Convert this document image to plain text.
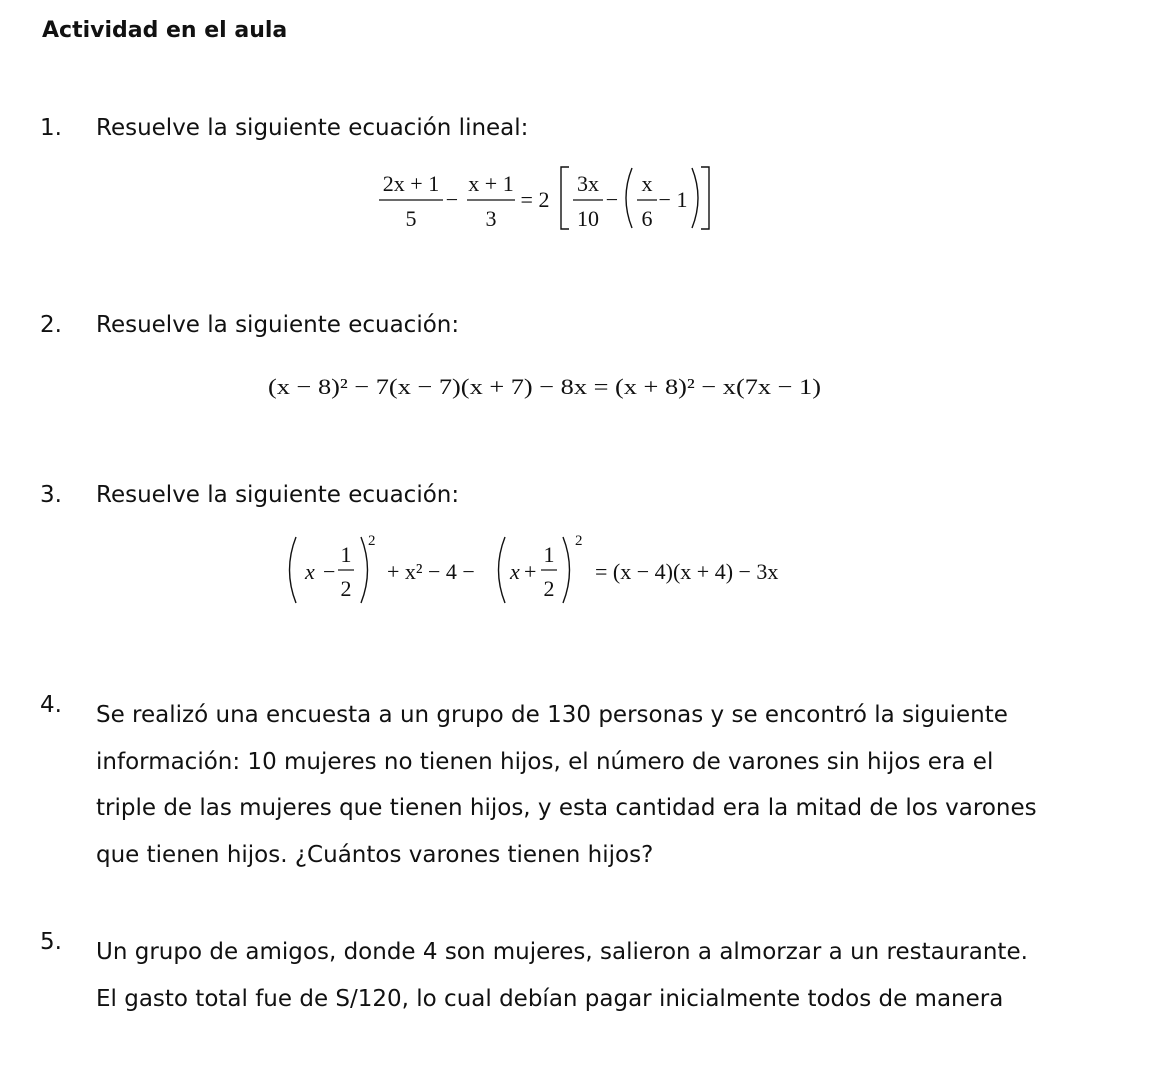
Actividad en el aula
1. Resuelve la siguiente ecuación lineal:
2x + 1
5
−
x + 1
3
= 2
3x
10
−
x
6
− 1
2. Resuelve la siguiente ecuación:
(x − 8)² − 7(x − 7)(x + 7) − 8x = (x + 8)² − x(7x − 1)
3. Resuelve la siguiente ecuación:
x −
1
2
2
+ x² − 4 − x +
1
2
2
= (x − 4)(x + 4) − 3x
4. Se realizó una encuesta a un grupo de 130 personas y se encontró la siguiente

información: 10 mujeres no tienen hijos, el número de varones sin hijos era el

triple de las mujeres que tienen hijos, y esta cantidad era la mitad de los varones

que tienen hijos. ¿Cuántos varones tienen hijos?

5. Un grupo de amigos, donde 4 son mujeres, salieron a almorzar a un restaurante.

El gasto total fue de S/120, lo cual debían pagar inicialmente todos de manera
